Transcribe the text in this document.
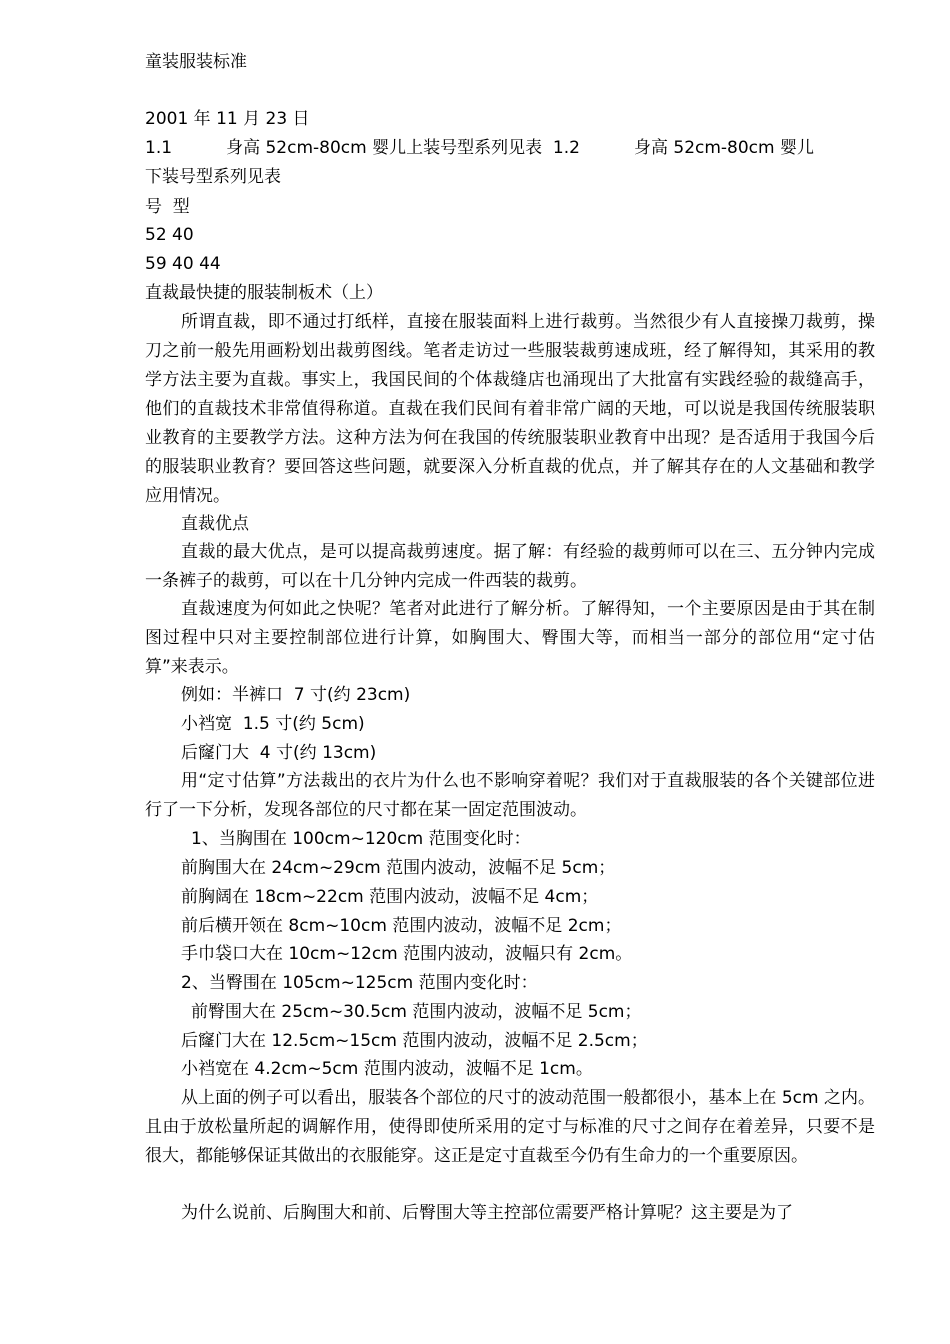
童装服装标准
2001 年 11 月 23 日
1.1          身高 52cm-80cm 婴儿上装号型系列见表  1.2          身高 52cm-80cm 婴儿
下装号型系列见表
号  型
52 40
59 40 44
直裁最快捷的服装制板术（上）
所谓直裁，即不通过打纸样，直接在服装面料上进行裁剪。当然很少有人直接操刀裁剪，操刀之前一般先用画粉划出裁剪图线。笔者走访过一些服装裁剪速成班，经了解得知，其采用的教学方法主要为直裁。事实上，我国民间的个体裁缝店也涌现出了大批富有实践经验的裁缝高手，他们的直裁技术非常值得称道。直裁在我们民间有着非常广阔的天地，可以说是我国传统服装职业教育的主要教学方法。这种方法为何在我国的传统服装职业教育中出现？是否适用于我国今后的服装职业教育？要回答这些问题，就要深入分析直裁的优点，并了解其存在的人文基础和教学应用情况。
直裁优点
直裁的最大优点，是可以提高裁剪速度。据了解：有经验的裁剪师可以在三、五分钟内完成一条裤子的裁剪，可以在十几分钟内完成一件西装的裁剪。
直裁速度为何如此之快呢？笔者对此进行了解分析。了解得知，一个主要原因是由于其在制图过程中只对主要控制部位进行计算，如胸围大、臀围大等，而相当一部分的部位用“定寸估算”来表示。
例如：半裤口  7 寸(约 23cm)
小裆宽  1.5 寸(约 5cm)
后窿门大  4 寸(约 13cm)
用“定寸估算”方法裁出的衣片为什么也不影响穿着呢？我们对于直裁服装的各个关键部位进行了一下分析，发现各部位的尺寸都在某一固定范围波动。
1、当胸围在 100cm~120cm 范围变化时：
前胸围大在 24cm~29cm 范围内波动，波幅不足 5cm；
前胸阔在 18cm~22cm 范围内波动，波幅不足 4cm；
前后横开领在 8cm~10cm 范围内波动，波幅不足 2cm；
手巾袋口大在 10cm~12cm 范围内波动，波幅只有 2cm。
2、当臀围在 105cm~125cm 范围内变化时：
前臀围大在 25cm~30.5cm 范围内波动，波幅不足 5cm；
后窿门大在 12.5cm~15cm 范围内波动，波幅不足 2.5cm；
小裆宽在 4.2cm~5cm 范围内波动，波幅不足 1cm。
从上面的例子可以看出，服装各个部位的尺寸的波动范围一般都很小，基本上在 5cm 之内。且由于放松量所起的调解作用，使得即使所采用的定寸与标准的尺寸之间存在着差异，只要不是很大，都能够保证其做出的衣服能穿。这正是定寸直裁至今仍有生命力的一个重要原因。
为什么说前、后胸围大和前、后臀围大等主控部位需要严格计算呢？这主要是为了
